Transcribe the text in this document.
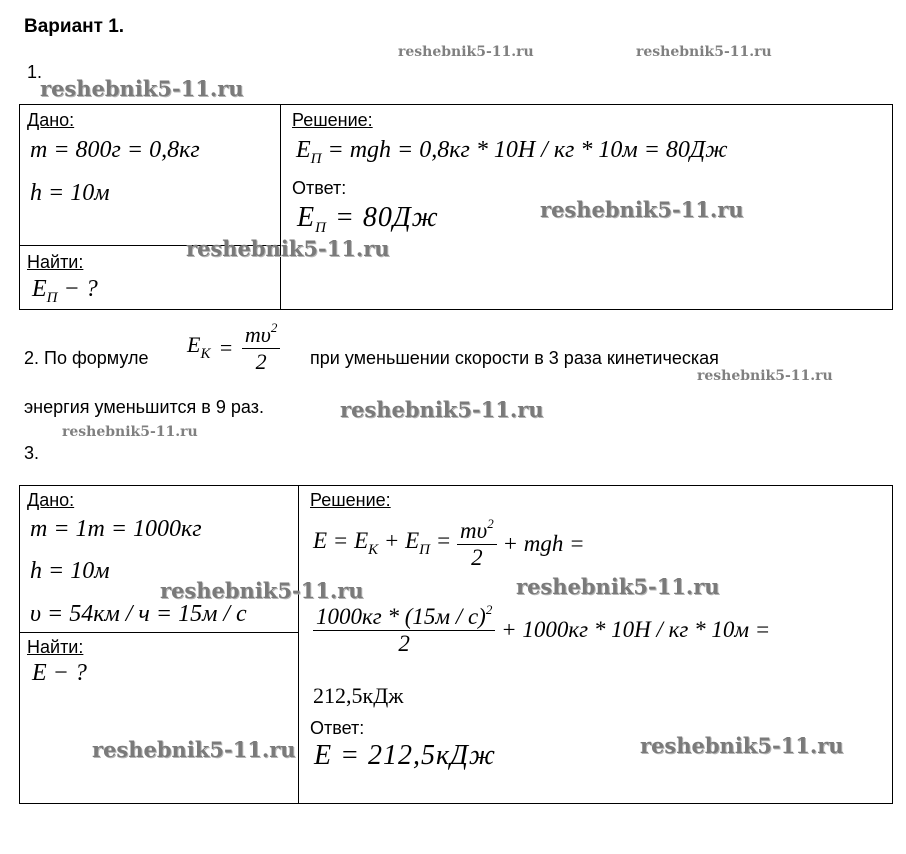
Вариант 1.
reshebnik5-11.ru	reshebnik5-11.ru
1.
reshebnik5-11.ru
Дано:
m = 800г = 0,8кг
h = 10м
Найти:
$E_П$ − ?
Решение:
$E_П$ = mgh = 0,8кг * 10Н / кг * 10м = 80Дж
Ответ:
$E_П = 80Дж$	reshebnik5-11.ru
reshebnik5-11.ru
2. По формуле
$E_К = \frac{m\upsilon^2}{2}$ при уменьшении скорости в 3 раза кинетическая
reshebnik5-11.ru
энергия уменьшится в 9 раз.	reshebnik5-11.ru
reshebnik5-11.ru
3.
Дано:
m = 1т = 1000кг
h = 10м
υ = 54км / ч = 15м / с
Найти:
E − ?
Решение:
$E = E_К + E_П = \frac{m\upsilon^2}{2}$ + mgh =
reshebnik5-11.ru	reshebnik5-11.ru
$\frac{1000кг * (15м / с)^2}{2} + 1000кг * 10Н$ / кг * 10м =
212,5кДж
Ответ:
E = 212,5кДж
reshebnik5-11.ru	reshebnik5-11.ru
